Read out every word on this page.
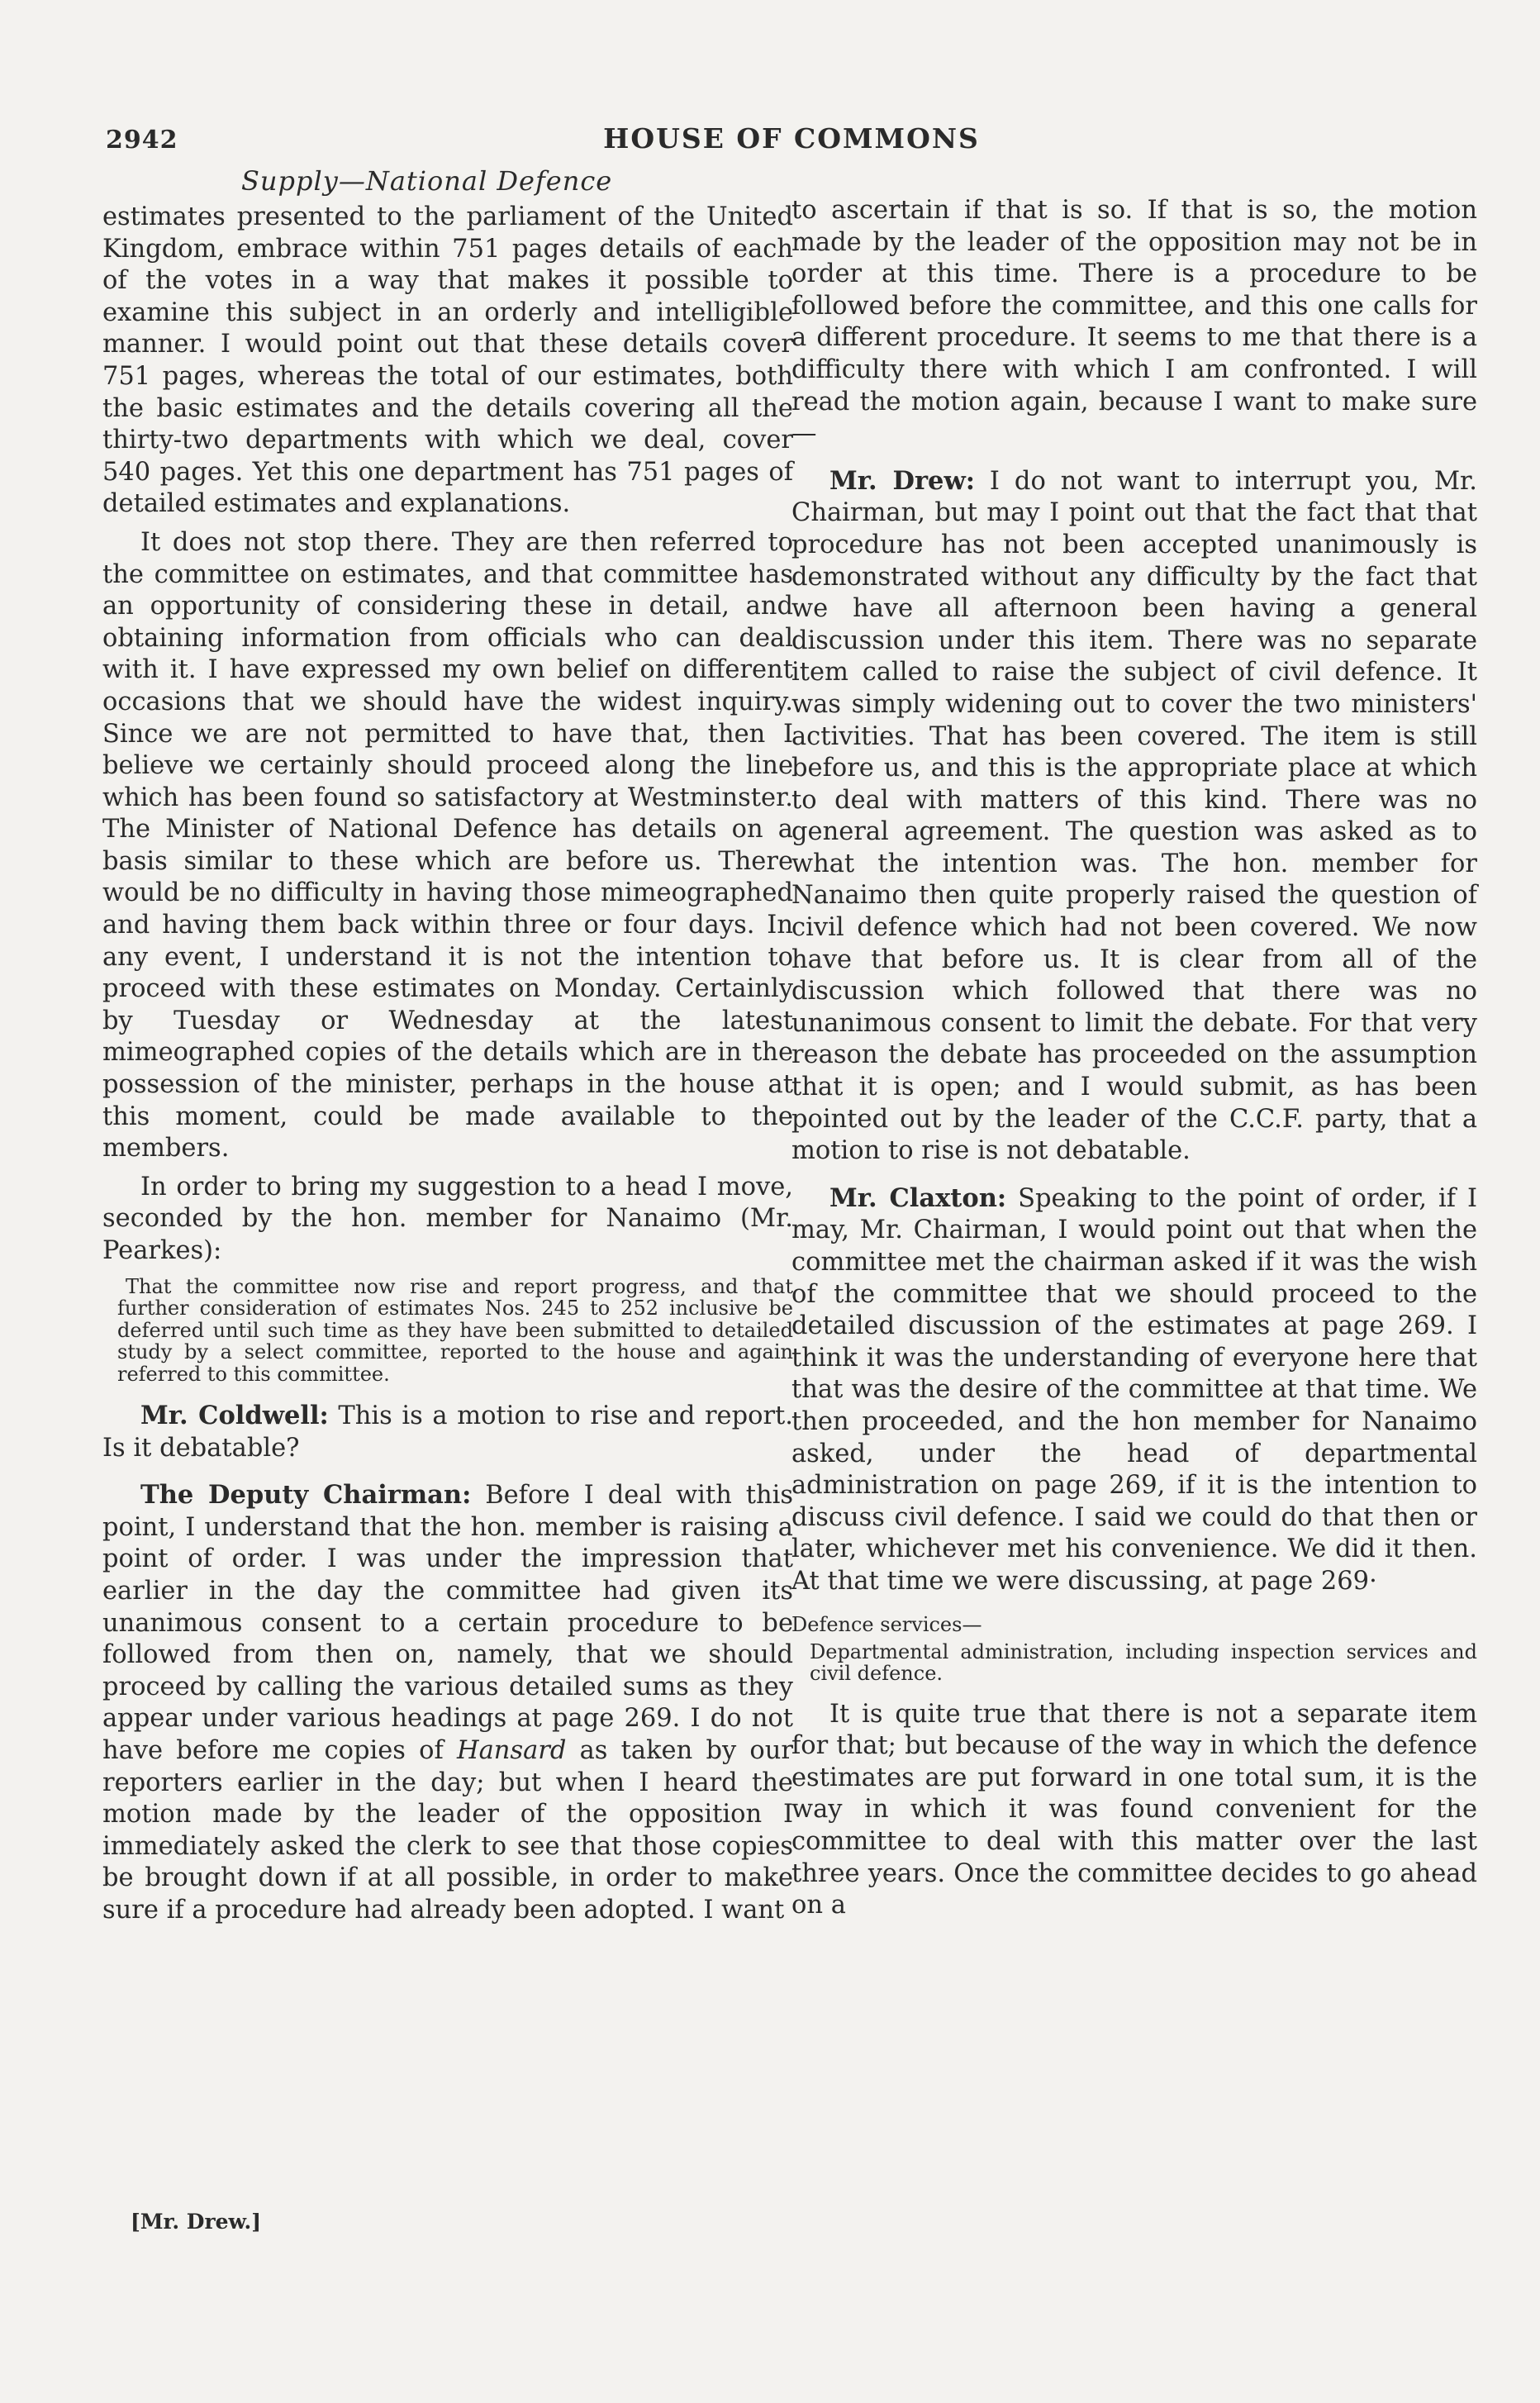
2942	HOUSE OF COMMONS
Supply—National Defence

estimates presented to the parliament of the United Kingdom, embrace within 751 pages details of each of the votes in a way that makes it possible to examine this subject in an orderly and intelligible manner. I would point out that these details cover 751 pages, whereas the total of our estimates, both the basic estimates and the details covering all the thirty-two departments with which we deal, cover 540 pages. Yet this one department has 751 pages of detailed estimates and explanations.

It does not stop there. They are then referred to the committee on estimates, and that committee has an opportunity of considering these in detail, and obtaining information from officials who can deal with it. I have expressed my own belief on different occasions that we should have the widest inquiry. Since we are not permitted to have that, then I believe we certainly should proceed along the line which has been found so satisfactory at Westminster. The Minister of National Defence has details on a basis similar to these which are before us. There would be no difficulty in having those mimeographed and having them back within three or four days. In any event, I understand it is not the intention to proceed with these estimates on Monday. Certainly by Tuesday or Wednesday at the latest mimeographed copies of the details which are in the possession of the minister, perhaps in the house at this moment, could be made available to the members.

In order to bring my suggestion to a head I move, seconded by the hon. member for Nanaimo (Mr. Pearkes):

That the committee now rise and report progress, and that further consideration of estimates Nos. 245 to 252 inclusive be deferred until such time as they have been submitted to detailed study by a select committee, reported to the house and again referred to this committee.

Mr. Coldwell: This is a motion to rise and report. Is it debatable?

The Deputy Chairman: Before I deal with this point, I understand that the hon. member is raising a point of order. I was under the impression that earlier in the day the committee had given its unanimous consent to a certain procedure to be followed from then on, namely, that we should proceed by calling the various detailed sums as they appear under various headings at page 269. I do not have before me copies of Hansard as taken by our reporters earlier in the day; but when I heard the motion made by the leader of the opposition I immediately asked the clerk to see that those copies be brought down if at all possible, in order to make sure if a procedure had already been adopted. I want

to ascertain if that is so. If that is so, the motion made by the leader of the opposition may not be in order at this time. There is a procedure to be followed before the committee, and this one calls for a different procedure. It seems to me that there is a difficulty there with which I am confronted. I will read the motion again, because I want to make sure—

Mr. Drew: I do not want to interrupt you, Mr. Chairman, but may I point out that the fact that that procedure has not been accepted unanimously is demonstrated without any difficulty by the fact that we have all afternoon been having a general discussion under this item. There was no separate item called to raise the subject of civil defence. It was simply widening out to cover the two ministers' activities. That has been covered. The item is still before us, and this is the appropriate place at which to deal with matters of this kind. There was no general agreement. The question was asked as to what the intention was. The hon. member for Nanaimo then quite properly raised the question of civil defence which had not been covered. We now have that before us. It is clear from all of the discussion which followed that there was no unanimous consent to limit the debate. For that very reason the debate has proceeded on the assumption that it is open; and I would submit, as has been pointed out by the leader of the C.C.F. party, that a motion to rise is not debatable.

Mr. Claxton: Speaking to the point of order, if I may, Mr. Chairman, I would point out that when the committee met the chairman asked if it was the wish of the committee that we should proceed to the detailed discussion of the estimates at page 269. I think it was the understanding of everyone here that that was the desire of the committee at that time. We then proceeded, and the hon member for Nanaimo asked, under the head of departmental administration on page 269, if it is the intention to discuss civil defence. I said we could do that then or later, whichever met his convenience. We did it then. At that time we were discussing, at page 269·

Defence services—
Departmental administration, including inspection services and civil defence.

It is quite true that there is not a separate item for that; but because of the way in which the defence estimates are put forward in one total sum, it is the way in which it was found convenient for the committee to deal with this matter over the last three years. Once the committee decides to go ahead on a

[Mr. Drew.]
